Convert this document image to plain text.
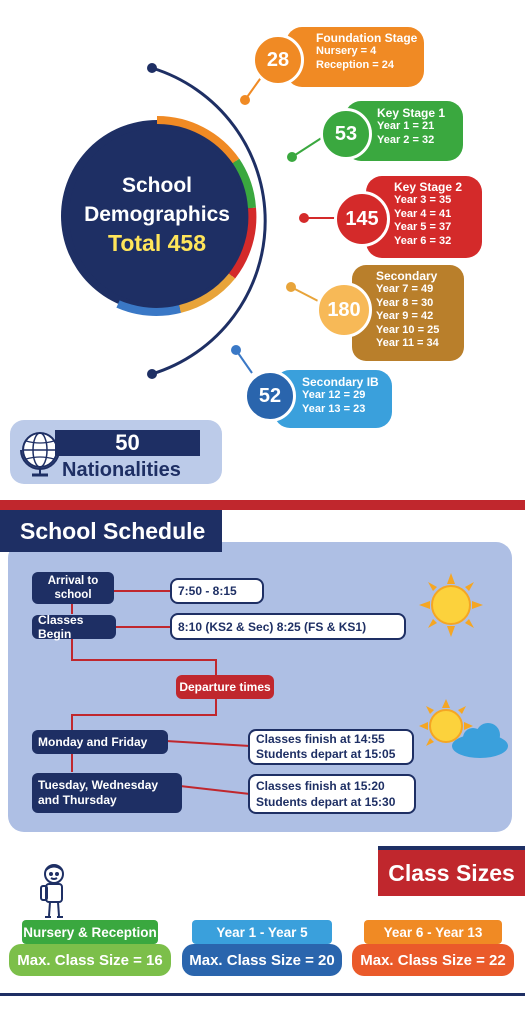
School
Demographics
Total 458
Foundation Stage
Nursery = 4
Reception = 24
28
Key Stage 1
Year 1 = 21
Year 2 = 32
53
Key Stage 2
Year 3 = 35
Year 4 = 41
Year 5 = 37
Year 6 = 32
145
Secondary
Year 7 = 49
Year 8 = 30
Year 9 = 42
Year 10 = 25
Year 11 = 34
180
Secondary IB
Year 12 = 29
Year 13 = 23
52
50
Nationalities
School Schedule
Arrival to school	7:50 - 8:15
Classes Begin
8:10 (KS2 & Sec) 8:25 (FS & KS1)
Departure times
Monday and Friday	Classes finish at 14:55
Students depart at 15:05
Tuesday, Wednesday and Thursday
Classes finish at 15:20
Students depart at 15:30
Class Sizes
Nursery & Reception
Max. Class Size = 16
Year 1 - Year 5
Max. Class Size = 20
Year 6 - Year 13
Max. Class Size = 22
